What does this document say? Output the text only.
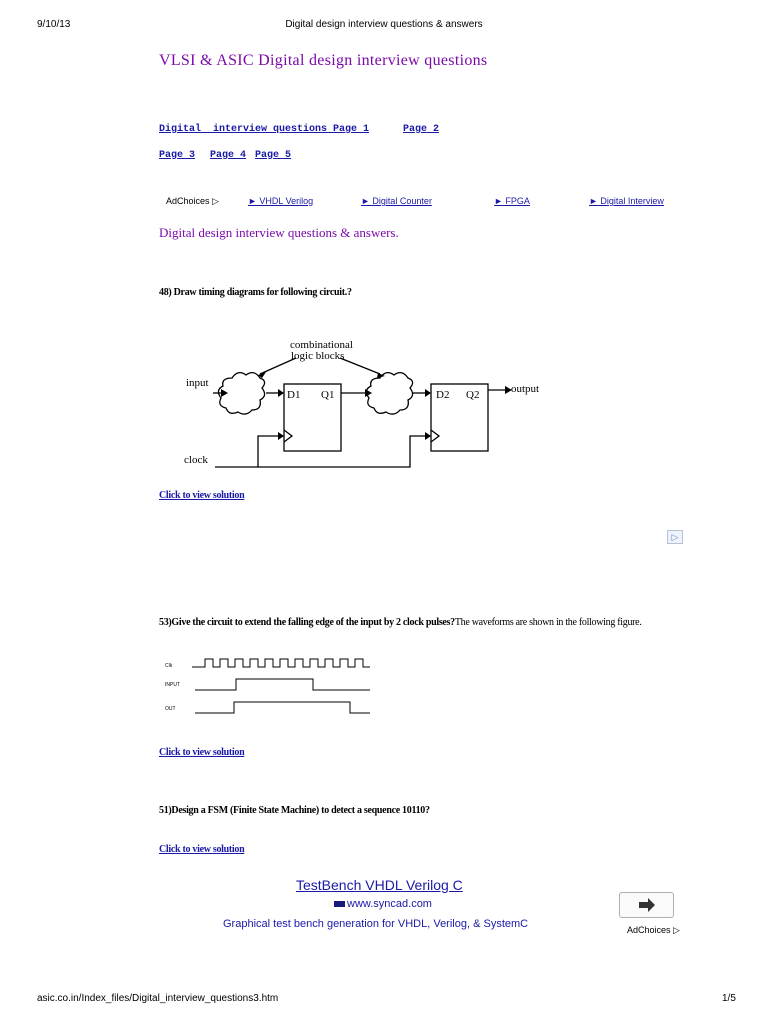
9/10/13	Digital design interview questions & answers
VLSI & ASIC Digital design interview questions
Digital  interview questions Page 1	Page 2
Page 3 Page 4 Page 5
AdChoices ▷	► VHDL Verilog	► Digital Counter	► FPGA	► Digital Interview
Digital design interview questions & answers.
48) Draw timing diagrams for following circuit.?
combinational
logic blocks
input	output
clock
D1 Q1	D2 Q2
Click to view solution
▷
53)Give the circuit to extend the falling edge of the input by 2 clock pulses?The waveforms are shown in the following figure.
Clk
INPUT
OUT
Click to view solution
51)Design a FSM (Finite State Machine) to detect a sequence 10110?
Click to view solution
TestBench VHDL Verilog C
www.syncad.com
Graphical test bench generation for VHDL, Verilog, & SystemC	AdChoices ▷
asic.co.in/Index_files/Digital_interview_questions3.htm	1/5
